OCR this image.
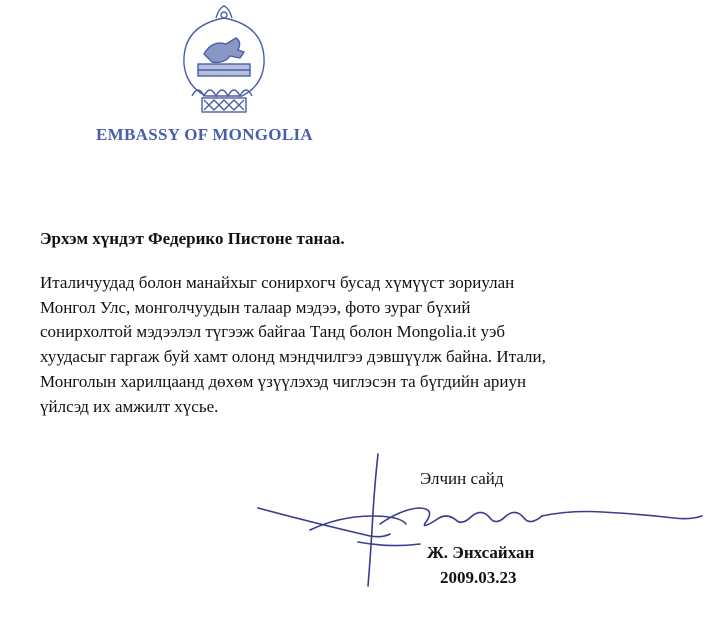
EMBASSY OF MONGOLIA
Эрхэм хүндэт Федерико Пистоне танаа.
Италичуудад болон манайхыг сонирхогч бусад хүмүүст зориулан
Монгол Улс, монголчуудын талаар мэдээ, фото зураг бүхий
сонирхолтой мэдээлэл түгээж байгаа Танд болон Mongolia.it уэб
хуудасыг гаргаж буй хамт олонд мэндчилгээ дэвшүүлж байна. Итали,
Монголын харилцаанд дөхөм үзүүлэхэд чиглэсэн та бүгдийн ариун
үйлсэд их амжилт хүсье.
Элчин сайд
Ж. Энхсайхан
2009.03.23
